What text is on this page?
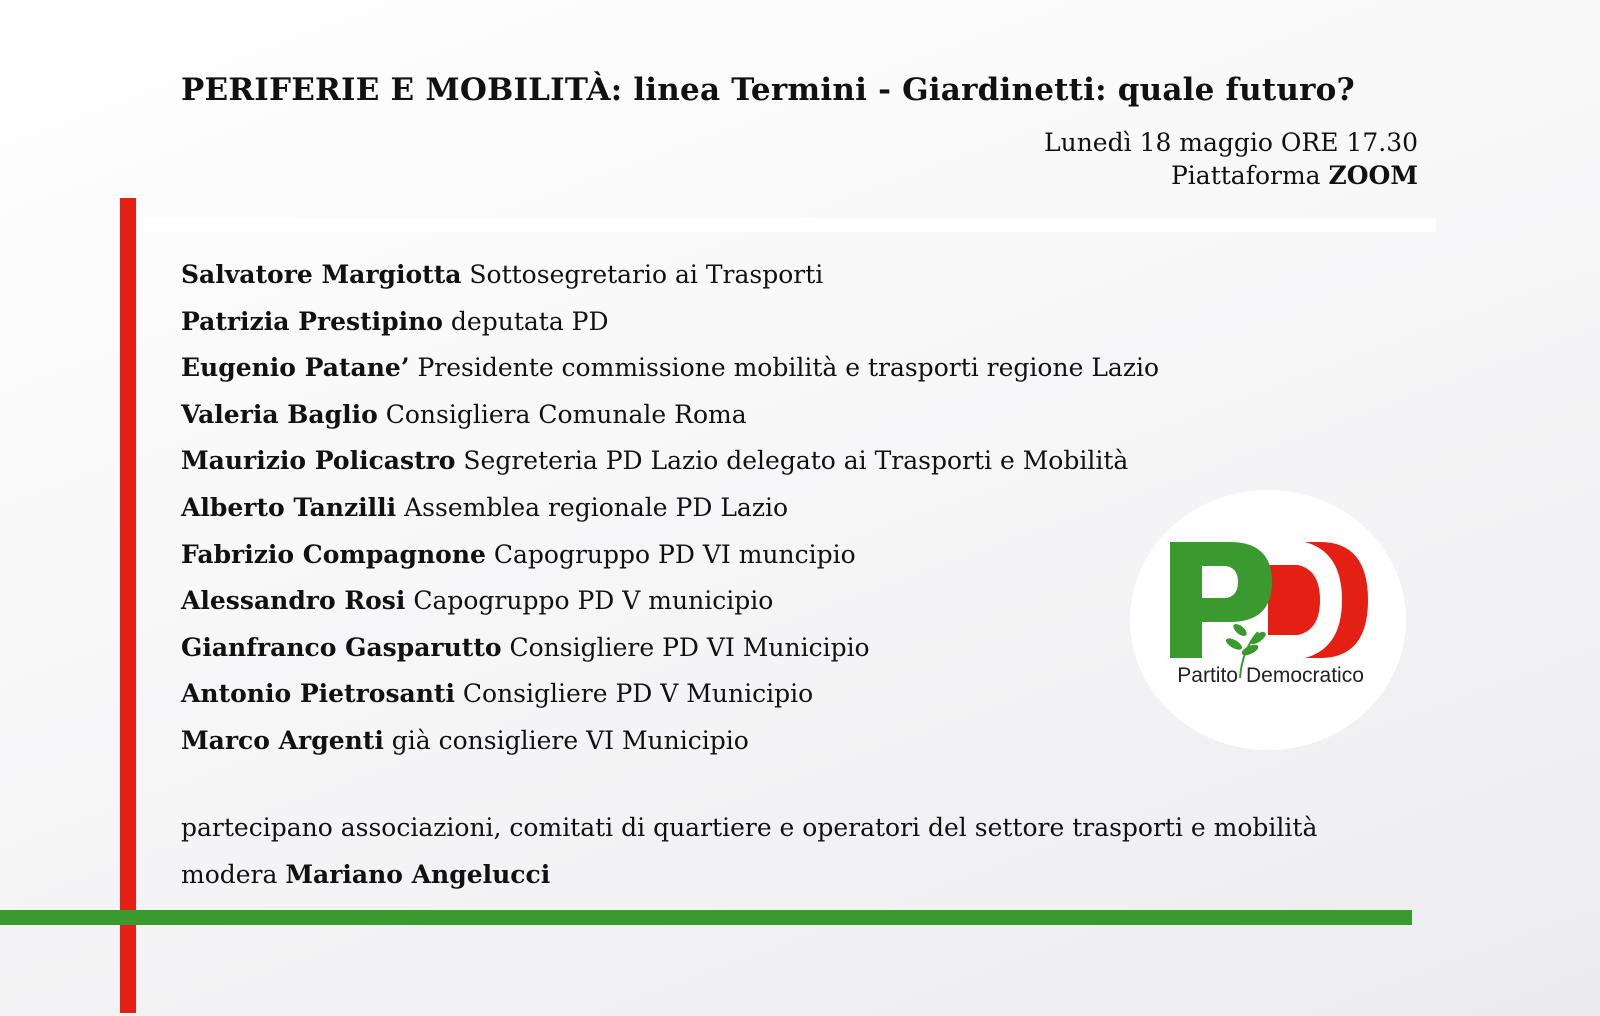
PERIFERIE E MOBILITÀ: linea Termini - Giardinetti: quale futuro?
Lunedì 18 maggio ORE 17.30
Piattaforma ZOOM
Salvatore Margiotta Sottosegretario ai Trasporti
Patrizia Prestipino deputata PD
Eugenio Patane’ Presidente commissione mobilità e trasporti regione Lazio
Valeria Baglio Consigliera Comunale Roma
Maurizio Policastro Segreteria PD Lazio delegato ai Trasporti e Mobilità
Alberto Tanzilli Assemblea regionale PD Lazio
Fabrizio Compagnone Capogruppo PD VI muncipio
Alessandro Rosi Capogruppo PD V municipio
Gianfranco Gasparutto Consigliere PD VI Municipio
Antonio Pietrosanti Consigliere PD V Municipio
Marco Argenti già consigliere VI Municipio
partecipano associazioni, comitati di quartiere e operatori del settore trasporti e mobilità
modera Mariano Angelucci
Partito Democratico
